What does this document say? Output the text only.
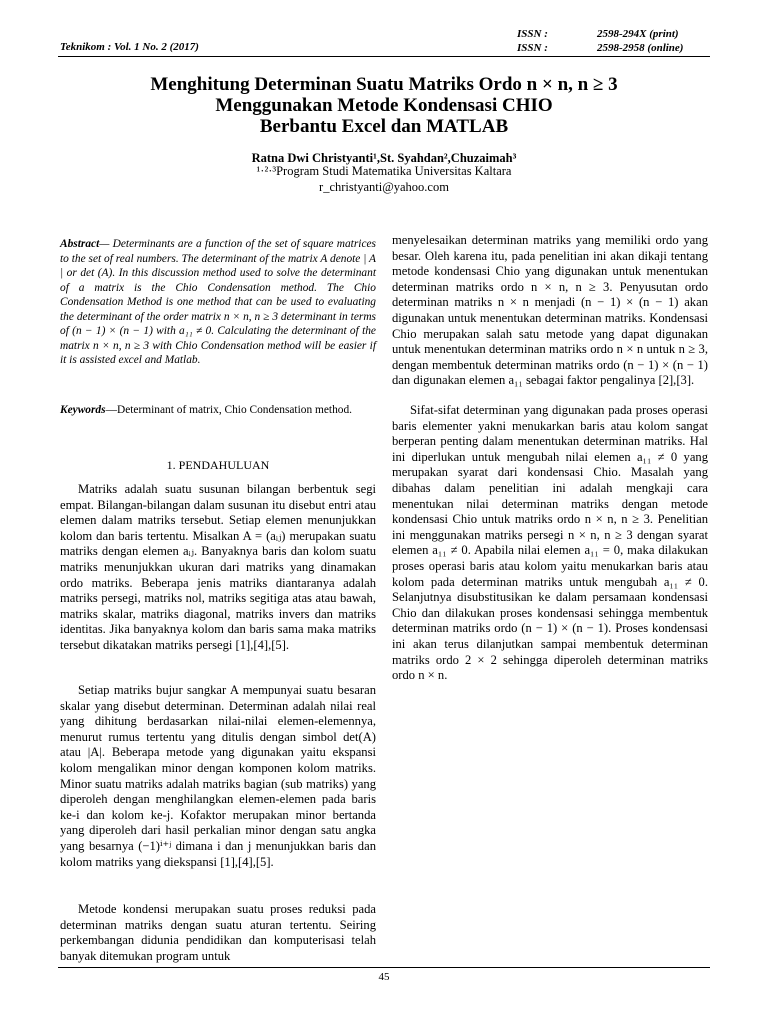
Teknikom : Vol. 1 No. 2 (2017)
ISSN :	2598-294X (print)
ISSN :	2598-2958 (online)
Menghitung Determinan Suatu Matriks Ordo n × n, n ≥ 3
Menggunakan Metode Kondensasi CHIO
Berbantu Excel dan MATLAB
Ratna Dwi Christyanti¹,St. Syahdan²,Chuzaimah³
¹·²·³Program Studi Matematika Universitas Kaltara
r_christyanti@yahoo.com
Abstract— Determinants are a function of the set of square matrices to the set of real numbers. The determinant of the matrix A denote | A | or det (A). In this discussion method used to solve the determinant of a matrix is the Chio Condensation method. The Chio Condensation Method is one method that can be used to evaluating the determinant of the order matrix n × n, n ≥ 3 determinant in terms of (n − 1) × (n − 1) with a₁₁ ≠ 0. Calculating the determinant of the matrix n × n, n ≥ 3 with Chio Condensation method will be easier if it is assisted excel and Matlab.
Keywords—Determinant of matrix, Chio Condensation method.
1. PENDAHULUAN
Matriks adalah suatu susunan bilangan berbentuk segi empat. Bilangan-bilangan dalam susunan itu disebut entri atau elemen dalam matriks tersebut. Setiap elemen menunjukkan kolom dan baris tertentu. Misalkan A = (aᵢⱼ) merupakan suatu matriks dengan elemen aᵢⱼ. Banyaknya baris dan kolom suatu matriks menunjukkan ukuran dari matriks yang dinamakan ordo matriks. Beberapa jenis matriks diantaranya adalah matriks persegi, matriks nol, matriks segitiga atas atau bawah, matriks skalar, matriks diagonal, matriks invers dan matriks identitas. Jika banyaknya kolom dan baris sama maka matriks tersebut dikatakan matriks persegi [1],[4],[5].
Setiap matriks bujur sangkar A mempunyai suatu besaran skalar yang disebut determinan. Determinan adalah nilai real yang dihitung berdasarkan nilai-nilai elemen-elemennya, menurut rumus tertentu yang ditulis dengan simbol det(A) atau |A|. Beberapa metode yang digunakan yaitu ekspansi kolom mengalikan minor dengan komponen kolom matriks. Minor suatu matriks adalah matriks bagian (sub matriks) yang diperoleh dengan menghilangkan elemen-elemen pada baris ke-i dan kolom ke-j. Kofaktor merupakan minor bertanda yang diperoleh dari hasil perkalian minor dengan satu angka yang besarnya (−1)ⁱ⁺ʲ dimana i dan j menunjukkan baris dan kolom matriks yang diekspansi [1],[4],[5].
Metode kondensi merupakan suatu proses reduksi pada determinan matriks dengan suatu aturan tertentu. Seiring perkembangan didunia pendidikan dan komputerisasi telah banyak ditemukan program untuk
menyelesaikan determinan matriks yang memiliki ordo yang besar. Oleh karena itu, pada penelitian ini akan dikaji tentang metode kondensasi Chio yang digunakan untuk menentukan determinan matriks ordo n × n, n ≥ 3. Penyusutan ordo determinan matriks n × n menjadi (n − 1) × (n − 1) akan digunakan untuk menentukan determinan matriks. Kondensasi Chio merupakan salah satu metode yang dapat digunakan untuk menentukan determinan matriks ordo n × n untuk n ≥ 3, dengan membentuk determinan matriks ordo (n − 1) × (n − 1) dan digunakan elemen a₁₁ sebagai faktor pengalinya [2],[3].
Sifat-sifat determinan yang digunakan pada proses operasi baris elementer yakni menukarkan baris atau kolom sangat berperan penting dalam menentukan determinan matriks. Hal ini diperlukan untuk mengubah nilai elemen a₁₁ ≠ 0 yang merupakan syarat dari kondensasi Chio. Masalah yang dibahas dalam penelitian ini adalah mengkaji cara menentukan nilai determinan matriks dengan metode kondensasi Chio untuk matriks ordo n × n, n ≥ 3. Penelitian ini menggunakan matriks persegi n × n, n ≥ 3 dengan syarat elemen a₁₁ ≠ 0. Apabila nilai elemen a₁₁ = 0, maka dilakukan proses operasi baris atau kolom yaitu menukarkan baris atau kolom pada determinan matriks untuk mengubah a₁₁ ≠ 0. Selanjutnya disubstitusikan ke dalam persamaan kondensasi Chio dan dilakukan proses kondensasi sehingga membentuk determinan matriks ordo (n − 1) × (n − 1). Proses kondensasi ini akan terus dilanjutkan sampai membentuk determinan matriks ordo 2 × 2 sehingga diperoleh determinan matriks ordo n × n.
45
